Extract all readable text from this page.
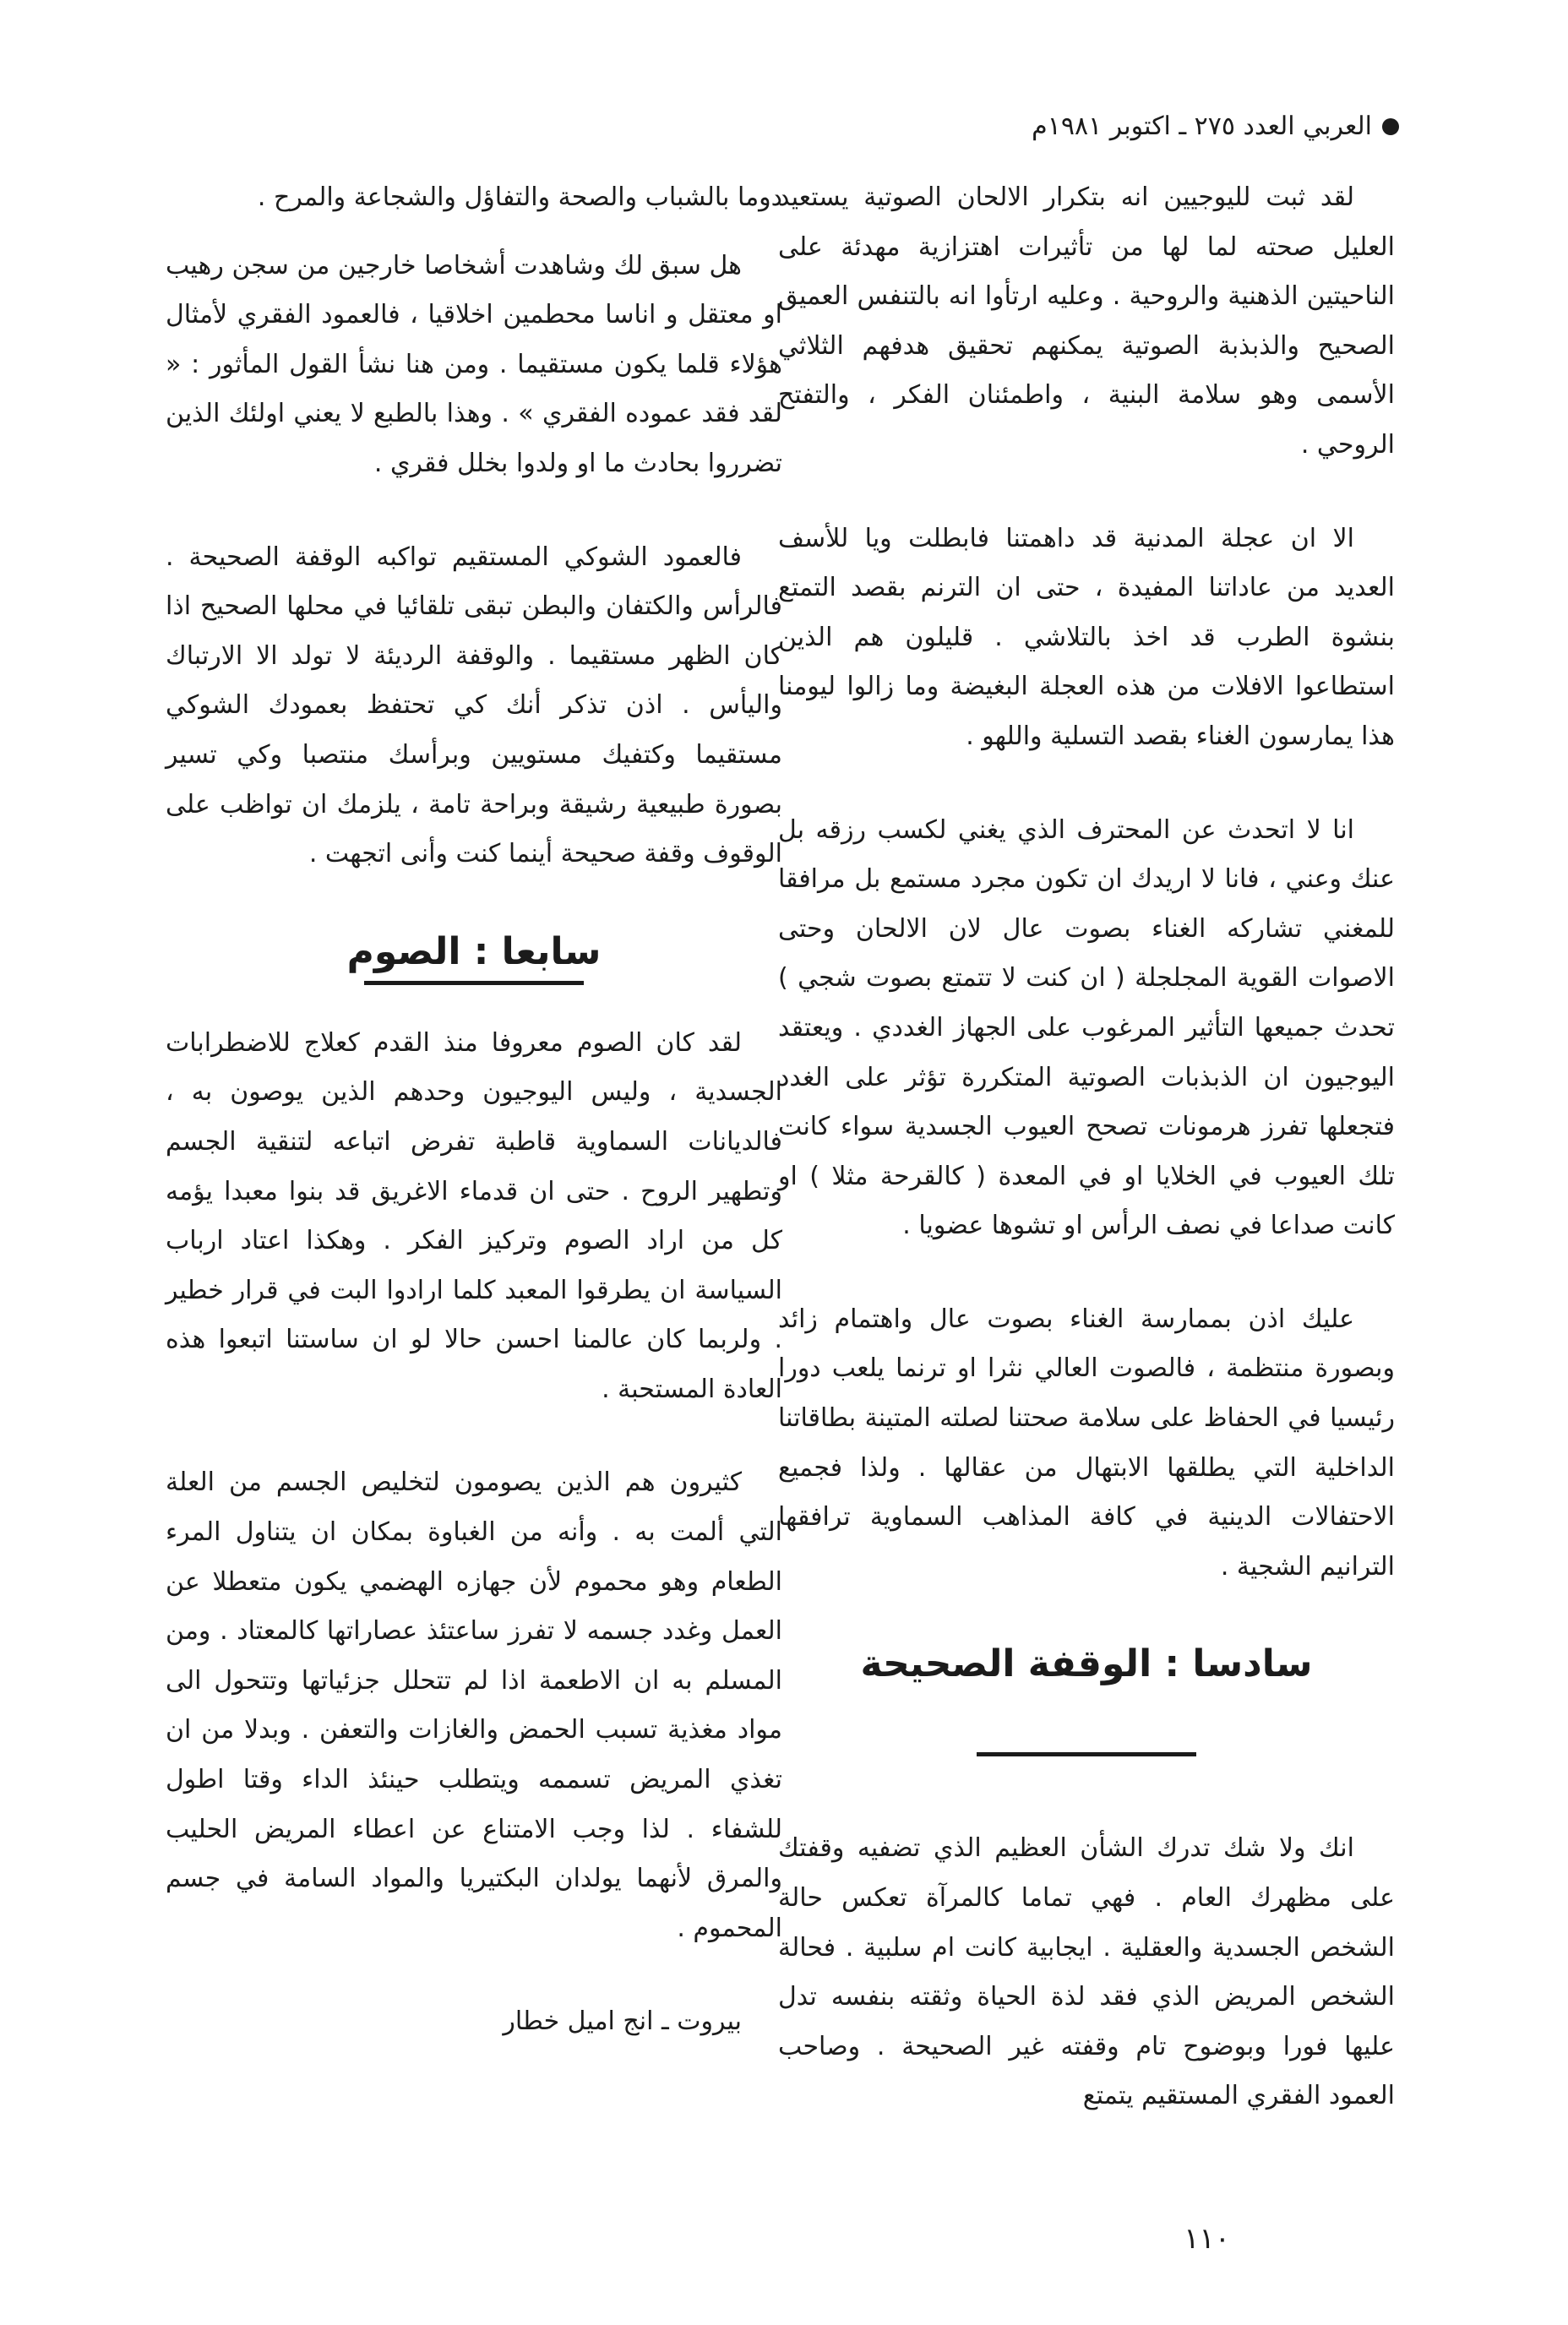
العربي العدد ٢٧٥ ـ اكتوبر ١٩٨١م

لقد ثبت لليوجيين انه بتكرار الالحان الصوتية يستعيد العليل صحته لما لها من تأثيرات اهتزازية مهدئة على الناحيتين الذهنية والروحية . وعليه ارتأوا انه بالتنفس العميق الصحيح والذبذبة الصوتية يمكنهم تحقيق هدفهم الثلاثي الأسمى وهو سلامة البنية ، واطمئنان الفكر ، والتفتح الروحي .

الا ان عجلة المدنية قد داهمتنا فابطلت ويا للأسف العديد من عاداتنا المفيدة ، حتى ان الترنم بقصد التمتع بنشوة الطرب قد اخذ بالتلاشي . قليلون هم الذين استطاعوا الافلات من هذه العجلة البغيضة وما زالوا ليومنا هذا يمارسون الغناء بقصد التسلية واللهو .

انا لا اتحدث عن المحترف الذي يغني لكسب رزقه بل عنك وعني ، فانا لا اريدك ان تكون مجرد مستمع بل مرافقا للمغني تشاركه الغناء بصوت عال لان الالحان وحتى الاصوات القوية المجلجلة ( ان كنت لا تتمتع بصوت شجي ) تحدث جميعها التأثير المرغوب على الجهاز الغددي . ويعتقد اليوجيون ان الذبذبات الصوتية المتكررة تؤثر على الغدد فتجعلها تفرز هرمونات تصحح العيوب الجسدية سواء كانت تلك العيوب في الخلايا او في المعدة ( كالقرحة مثلا ) او كانت صداعا في نصف الرأس او تشوها عضويا .

عليك اذن بممارسة الغناء بصوت عال واهتمام زائد وبصورة منتظمة ، فالصوت العالي نثرا او ترنما يلعب دورا رئيسيا في الحفاظ على سلامة صحتنا لصلته المتينة بطاقاتنا الداخلية التي يطلقها الابتهال من عقالها . ولذا فجميع الاحتفالات الدينية في كافة المذاهب السماوية ترافقها الترانيم الشجية .

سادسا : الوقفة الصحيحة

انك ولا شك تدرك الشأن العظيم الذي تضفيه وقفتك على مظهرك العام . فهي تماما كالمرآة تعكس حالة الشخص الجسدية والعقلية . ايجابية كانت ام سلبية . فحالة الشخص المريض الذي فقد لذة الحياة وثقته بنفسه تدل عليها فورا وبوضوح تام وقفته غير الصحيحة . وصاحب العمود الفقري المستقيم يتمتع

دوما بالشباب والصحة والتفاؤل والشجاعة والمرح .

هل سبق لك وشاهدت أشخاصا خارجين من سجن رهيب او معتقل و اناسا محطمين اخلاقيا ، فالعمود الفقري لأمثال هؤلاء قلما يكون مستقيما . ومن هنا نشأ القول المأثور : « لقد فقد عموده الفقري » . وهذا بالطبع لا يعني اولئك الذين تضرروا بحادث ما او ولدوا بخلل فقري .

فالعمود الشوكي المستقيم تواكبه الوقفة الصحيحة . فالرأس والكتفان والبطن تبقى تلقائيا في محلها الصحيح اذا كان الظهر مستقيما . والوقفة الرديئة لا تولد الا الارتباك واليأس . اذن تذكر أنك كي تحتفظ بعمودك الشوكي مستقيما وكتفيك مستويين وبرأسك منتصبا وكي تسير بصورة طبيعية رشيقة وبراحة تامة ، يلزمك ان تواظب على الوقوف وقفة صحيحة أينما كنت وأنى اتجهت .

سابعا : الصوم

لقد كان الصوم معروفا منذ القدم كعلاج للاضطرابات الجسدية ، وليس اليوجيون وحدهم الذين يوصون به ، فالديانات السماوية قاطبة تفرض اتباعه لتنقية الجسم وتطهير الروح . حتى ان قدماء الاغريق قد بنوا معبدا يؤمه كل من اراد الصوم وتركيز الفكر . وهكذا اعتاد ارباب السياسة ان يطرقوا المعبد كلما ارادوا البت في قرار خطير . ولربما كان عالمنا احسن حالا لو ان ساستنا اتبعوا هذه العادة المستحبة .

كثيرون هم الذين يصومون لتخليص الجسم من العلة التي ألمت به . وأنه من الغباوة بمكان ان يتناول المرء الطعام وهو محموم لأن جهازه الهضمي يكون متعطلا عن العمل وغدد جسمه لا تفرز ساعتئذ عصاراتها كالمعتاد . ومن المسلم به ان الاطعمة اذا لم تتحلل جزئياتها وتتحول الى مواد مغذية تسبب الحمض والغازات والتعفن . وبدلا من ان تغذي المريض تسممه ويتطلب حينئذ الداء وقتا اطول للشفاء . لذا وجب الامتناع عن اعطاء المريض الحليب والمرق لأنهما يولدان البكتيريا والمواد السامة في جسم المحموم .

بيروت ـ انج اميل خطار
١١٠
